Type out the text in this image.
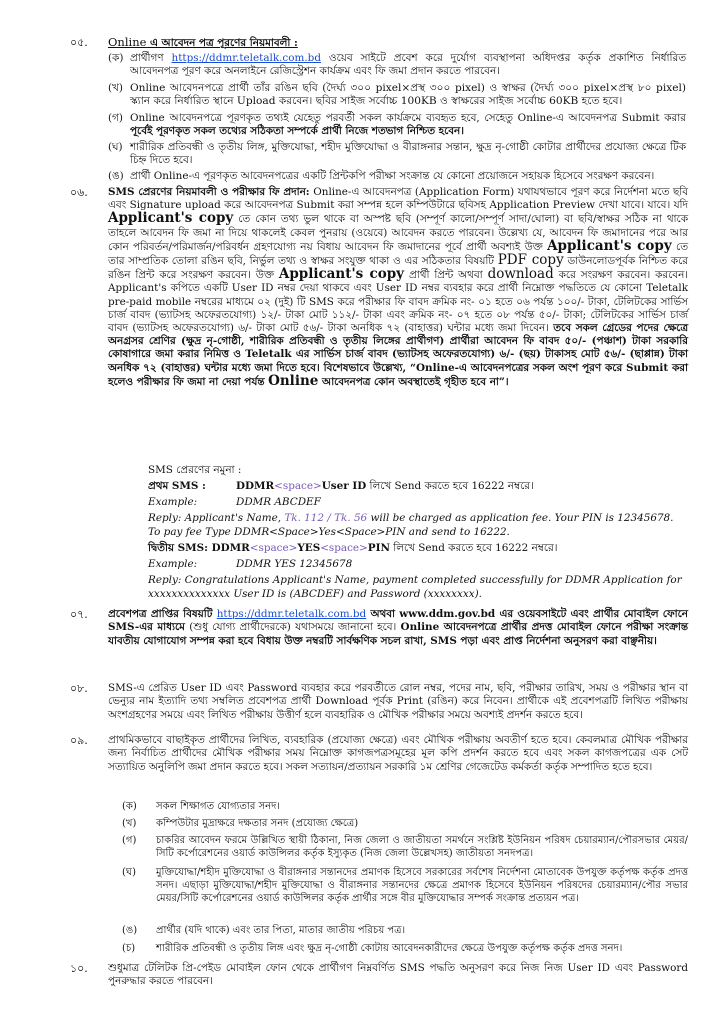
০৫. Online এ আবেদন পত্র পূরণের নিয়মাবলী :
(ক) প্রার্থীগণ https://ddmr.teletalk.com.bd ওয়েব সাইটে প্রবেশ করে দুর্যোগ ব্যবস্থাপনা অধিদপ্তর কর্তৃক প্রকাশিত নির্ধারিত আবেদনপত্র পূরণ করে অনলাইনে রেজিস্ট্রেশন কার্যক্রম এবং ফি জমা প্রদান করতে পারবেন।
(খ) Online আবেদনপত্রে প্রার্থী তাঁর রঙিন ছবি (দৈর্ঘ্য ৩০০ pixel×প্রস্থ ৩০০ pixel) ও স্বাক্ষর (দৈর্ঘ্য ৩০০ pixel×প্রস্থ ৮০ pixel) স্ক্যান করে নির্ধারিত স্থানে Upload করবেন। ছবির সাইজ সর্বোচ্চ 100KB ও স্বাক্ষরের সাইজ সর্বোচ্চ 60KB হতে হবে।
(গ) Online আবেদনপত্রে পূরণকৃত তথ্যই যেহেতু পরবর্তী সকল কার্যক্রমে ব্যবহৃত হবে, সেহেতু Online-এ আবেদনপত্র Submit করার পূর্বেই পূরণকৃত সকল তথ্যের সঠিকতা সম্পর্কে প্রার্থী নিজে শতভাগ নিশ্চিত হবেন।
(ঘ) শারীরিক প্রতিবন্ধী ও তৃতীয় লিঙ্গ, মুক্তিযোদ্ধা, শহীদ মুক্তিযোদ্ধা ও বীরাঙ্গনার সন্তান, ক্ষুদ্র নৃ-গোষ্ঠী কোটার প্রার্থীদের প্রযোজ্য ক্ষেত্রে টিক চিহ্ন দিতে হবে।
(ঙ) প্রার্থী Online-এ পূরণকৃত আবেদনপত্রের একটি প্রিন্টকপি পরীক্ষা সংক্রান্ত যে কোনো প্রয়োজনে সহায়ক হিসেবে সংরক্ষণ করবেন।
০৬. SMS প্রেরণের নিয়মাবলী ও পরীক্ষার ফি প্রদান: Online-এ আবেদনপত্র (Application Form) যথাযথভাবে পূরণ করে নির্দেশনা মতে ছবি এবং Signature upload করে আবেদনপত্র Submit করা সম্পন্ন হলে কম্পিউটারে ছবিসহ Application Preview দেখা যাবে। যাবে। যদি Applicant's copy তে কোন তথ্য ভুল থাকে বা অস্পষ্ট ছবি (সম্পূর্ণ কালো/সম্পূর্ণ সাদা/ঘোলা) বা ছবি/স্বাক্ষর সঠিক না থাকে তাহলে আবেদন ফি জমা না দিয়ে থাকলেই কেবল পুনরায় (ওয়েবে) আবেদন করতে পারবেন। উল্লেখ্য যে, আবেদন ফি জমাদানের পরে আর কোন পরিবর্তন/পরিমার্জন/পরিবর্ধন গ্রহণযোগ্য নয় বিধায় আবেদন ফি জমাদানের পূর্বে প্রার্থী অবশ্যই উক্ত Applicant's copy তে তার সাম্প্রতিক তোলা রঙিন ছবি, নির্ভুল তথ্য ও স্বাক্ষর সংযুক্ত থাকা ও এর সঠিকতার বিষয়টি PDF copy ডাউনলোডপূর্বক নিশ্চিত করে রঙিন প্রিন্ট করে সংরক্ষণ করবেন। উক্ত Applicant's copy প্রার্থী প্রিন্ট অথবা download করে সংরক্ষণ করবেন। করবেন। Applicant's কপিতে একটি User ID নম্বর দেয়া থাকবে এবং User ID নম্বর ব্যবহার করে প্রার্থী নিম্নোক্ত পদ্ধতিতে যে কোনো Teletalk pre-paid mobile নম্বরের মাধ্যমে ০২ (দুই) টি SMS করে পরীক্ষার ফি বাবদ ক্রমিক নং- ০১ হতে ০৬ পর্যন্ত ১০০/- টাকা, টেলিটকের সার্ভিস চার্জ বাবদ (ভ্যাটসহ অফেরতযোগ্য) ১২/- টাকা মোট ১১২/- টাকা এবং ক্রমিক নং- ০৭ হতে ০৮ পর্যন্ত ৫০/- টাকা; টেলিটকের সার্ভিস চার্জ বাবদ (ভ্যাটসহ অফেরতযোগ্য) ৬/- টাকা মোট ৫৬/- টাকা অনধিক ৭২ (বাহাত্তর) ঘন্টার মধ্যে জমা দিবেন। তবে সকল গ্রেডের পদের ক্ষেত্রে অনগ্রসর শ্রেণির (ক্ষুদ্র নৃ-গোষ্ঠী, শারীরিক প্রতিবন্ধী ও তৃতীয় লিঙ্গের প্রার্থীগণ) প্রার্থীরা আবেদন ফি বাবদ ৫০/- (পঞ্চাশ) টাকা সরকারি কোষাগারে জমা করার নিমিত্ত ও Teletalk এর সার্ভিস চার্জ বাবদ (ভ্যাটসহ অফেরতযোগ্য) ৬/- (ছয়) টাকাসহ মোট ৫৬/- (ছাপ্পান্ন) টাকা অনধিক ৭২ (বাহাত্তর) ঘন্টার মধ্যে জমা দিতে হবে। বিশেষভাবে উল্লেখ্য, “Online-এ আবেদনপত্রের সকল অংশ পূরণ করে Submit করা হলেও পরীক্ষার ফি জমা না দেয়া পর্যন্ত Online আবেদনপত্র কোন অবস্থাতেই গৃহীত হবে না”।
SMS প্রেরণের নমুনা :
প্রথম SMS :	DDMR<space>User ID লিখে Send করতে হবে 16222 নম্বরে।
Example:	DDMR ABCDEF
Reply: Applicant's Name, Tk. 112 / Tk. 56 will be charged as application fee. Your PIN is 12345678. To pay fee Type DDMR<Space>Yes<Space>PIN and send to 16222.
দ্বিতীয় SMS: DDMR<space>YES<space>PIN লিখে Send করতে হবে 16222 নম্বরে।
Example:	DDMR YES 12345678
Reply: Congratulations Applicant's Name, payment completed successfully for DDMR Application for xxxxxxxxxxxxxx User ID is (ABCDEF) and Password (xxxxxxxx).
০৭. প্রবেশপত্র প্রাপ্তির বিষয়টি https://ddmr.teletalk.com.bd অথবা www.ddm.gov.bd এর ওয়েবসাইটে এবং প্রার্থীর মোবাইল ফোনে SMS-এর মাধ্যমে (শুধু যোগ্য প্রার্থীদেরকে) যথাসময়ে জানানো হবে। Online আবেদনপত্রে প্রার্থীর প্রদত্ত মোবাইল ফোনে পরীক্ষা সংক্রান্ত যাবতীয় যোগাযোগ সম্পন্ন করা হবে বিধায় উক্ত নম্বরটি সার্বক্ষণিক সচল রাখা, SMS পড়া এবং প্রাপ্ত নির্দেশনা অনুসরণ করা বাঞ্ছনীয়।
০৮. SMS-এ প্রেরিত User ID এবং Password ব্যবহার করে পরবর্তীতে রোল নম্বর, পদের নাম, ছবি, পরীক্ষার তারিখ, সময় ও পরীক্ষার স্থান বা ভেন্যুর নাম ইত্যাদি তথ্য সম্বলিত প্রবেশপত্র প্রার্থী Download পূর্বক Print (রঙিন) করে নিবেন। প্রার্থীকে এই প্রবেশপত্রটি লিখিত পরীক্ষায় অংশগ্রহণের সময়ে এবং লিখিত পরীক্ষায় উত্তীর্ণ হলে ব্যবহারিক ও মৌখিক পরীক্ষার সময়ে অবশ্যই প্রদর্শন করতে হবে।
০৯. প্রাথমিকভাবে বাছাইকৃত প্রার্থীদের লিখিত, ব্যবহারিক (প্রযোজ্য ক্ষেত্রে) এবং মৌখিক পরীক্ষায় অবতীর্ণ হতে হবে। কেবলমাত্র মৌখিক পরীক্ষার জন্য নির্বাচিত প্রার্থীদের মৌখিক পরীক্ষার সময় নিম্নোক্ত কাগজপত্রসমূহের মূল কপি প্রদর্শন করতে হবে এবং সকল কাগজপত্রের এক সেট সত্যায়িত অনুলিপি জমা প্রদান করতে হবে। সকল সত্যায়ন/প্রত্যায়ন সরকারি ১ম শ্রেণির গেজেটেড কর্মকর্তা কর্তৃক সম্পাদিত হতে হবে।
(ক) সকল শিক্ষাগত যোগ্যতার সনদ।
(খ) কম্পিউটার মুদ্রাক্ষরে দক্ষতার সনদ (প্রযোজ্য ক্ষেত্রে)
(গ) চাকরির আবেদন ফরমে উল্লিখিত স্থায়ী ঠিকানা, নিজ জেলা ও জাতীয়তা সমর্থনে সংশ্লিষ্ট ইউনিয়ন পরিষদ চেয়ারম্যান/পৌরসভার মেয়র/সিটি কর্পোরেশনের ওয়ার্ড কাউন্সিলর কর্তৃক ইস্যুকৃত (নিজ জেলা উল্লেখসহ) জাতীয়তা সনদপত্র।
(ঘ) মুক্তিযোদ্ধা/শহীদ মুক্তিযোদ্ধা ও বীরাঙ্গনার সন্তানদের প্রমাণক হিসেবে সরকারের সর্বশেষ নির্দেশনা মোতাবেক উপযুক্ত কর্তৃপক্ষ কর্তৃক প্রদত্ত সনদ। এছাড়া মুক্তিযোদ্ধা/শহীদ মুক্তিযোদ্ধা ও বীরাঙ্গনার সন্তানদের ক্ষেত্রে প্রমাণক হিসেবে ইউনিয়ন পরিষদের চেয়ারম্যান/পৌর সভার মেয়র/সিটি কর্পোরেশনের ওয়ার্ড কাউন্সিলর কর্তৃক প্রার্থীর সঙ্গে বীর মুক্তিযোদ্ধার সম্পর্ক সংক্রান্ত প্রত্যয়ন পত্র।
(ঙ) প্রার্থীর (যদি থাকে) এবং তার পিতা, মাতার জাতীয় পরিচয় পত্র।
(চ) শারীরিক প্রতিবন্ধী ও তৃতীয় লিঙ্গ এবং ক্ষুদ্র নৃ-গোষ্ঠী কোটায় আবেদনকারীদের ক্ষেত্রে উপযুক্ত কর্তৃপক্ষ কর্তৃক প্রদত্ত সনদ।
১০. শুধুমাত্র টেলিটক প্রি-পেইড মোবাইল ফোন থেকে প্রার্থীগণ নিম্নবর্ণিত SMS পদ্ধতি অনুসরণ করে নিজ নিজ User ID এবং Password পুনরুদ্ধার করতে পারবেন।
